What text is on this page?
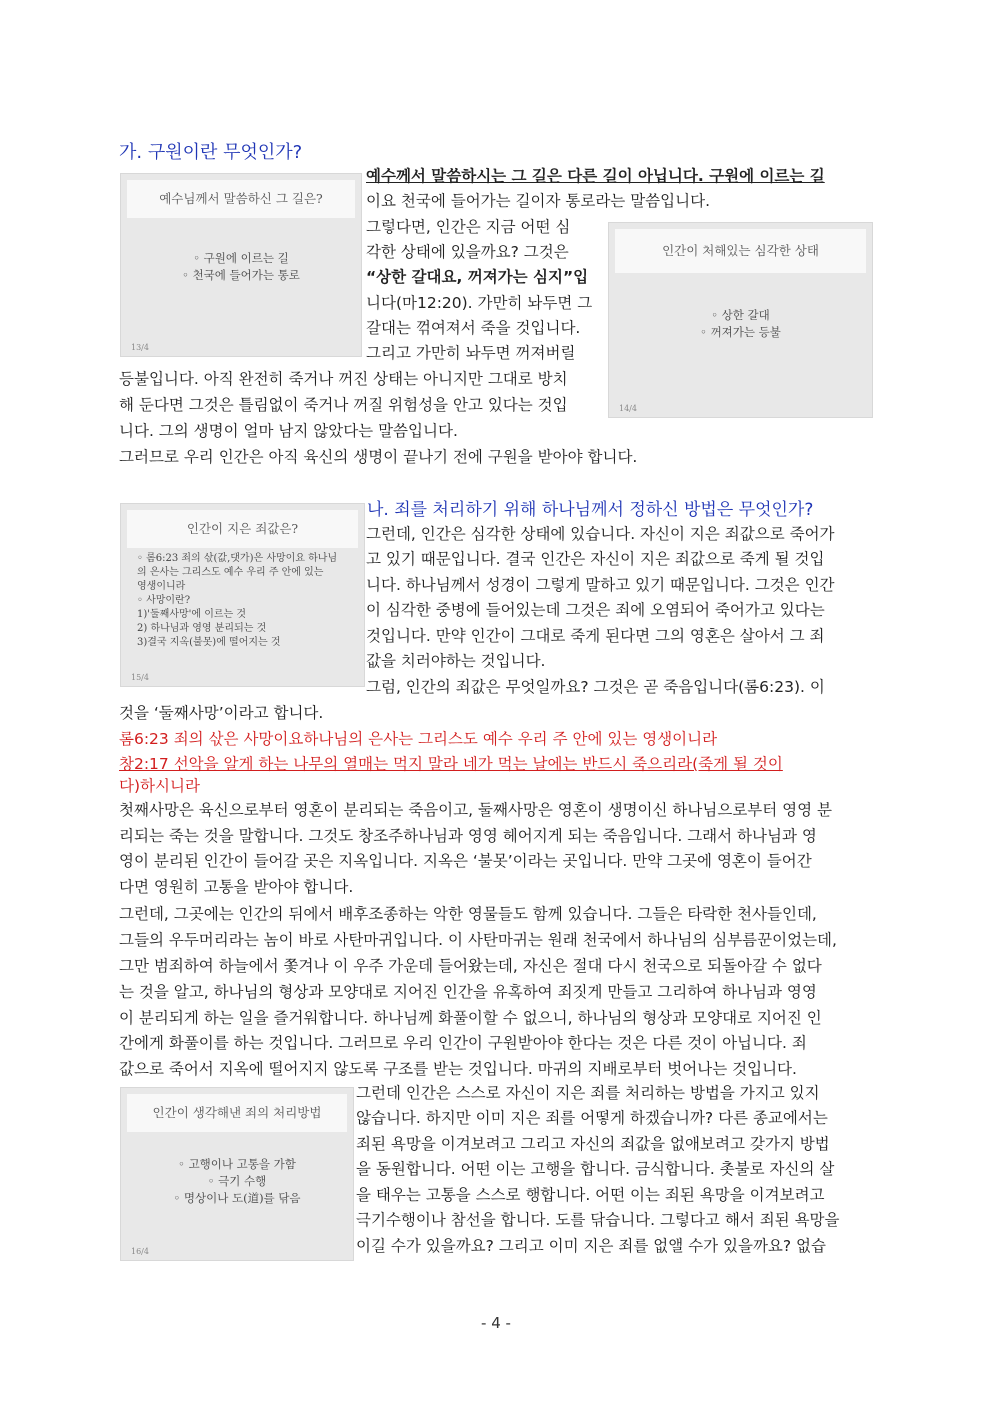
가. 구원이란 무엇인가?
예수님께서 말씀하신 그 길은?
◦ 구원에 이르는 길
◦ 천국에 들어가는 통로
13/4
인간이 처해있는 심각한 상태
◦ 상한 갈대
◦ 꺼져가는 등불
14/4
예수께서 말씀하시는 그 길은 다른 길이 아닙니다. 구원에 이르는 길
이요 천국에 들어가는 길이자 통로라는 말씀입니다.
그렇다면, 인간은 지금 어떤 심
각한 상태에 있을까요? 그것은
“상한 갈대요, 꺼져가는 심지”입
니다(마12:20). 가만히 놔두면 그
갈대는 꺾여져서 죽을 것입니다.
그리고 가만히 놔두면 꺼져버릴
등불입니다. 아직 완전히 죽거나 꺼진 상태는 아니지만 그대로 방치
해 둔다면 그것은 틀림없이 죽거나 꺼질 위험성을 안고 있다는 것입
니다. 그의 생명이 얼마 남지 않았다는 말씀입니다.
그러므로 우리 인간은 아직 육신의 생명이 끝나기 전에 구원을 받아야 합니다.
인간이 지은 죄값은?
◦ 롬6:23 죄의 삯(값,댓가)은 사망이요 하나님
의 은사는 그리스도 예수 우리 주 안에 있는
영생이니라
◦ 사망이란?
1)'둘째사망'에 이르는 것
2) 하나님과 영영 분리되는 것
3)결국 지옥(불못)에 떨어지는 것
15/4
나. 죄를 처리하기 위해 하나님께서 정하신 방법은 무엇인가?
그런데, 인간은 심각한 상태에 있습니다. 자신이 지은 죄값으로 죽어가
고 있기 때문입니다. 결국 인간은 자신이 지은 죄값으로 죽게 될 것입
니다. 하나님께서 성경이 그렇게 말하고 있기 때문입니다. 그것은 인간
이 심각한 중병에 들어있는데 그것은 죄에 오염되어 죽어가고 있다는
것입니다. 만약 인간이 그대로 죽게 된다면 그의 영혼은 살아서 그 죄
값을 치러야하는 것입니다.
그럼, 인간의 죄값은 무엇일까요? 그것은 곧 죽음입니다(롬6:23). 이
것을 ‘둘째사망’이라고 합니다.
롬6:23 죄의 삯은 사망이요하나님의 은사는 그리스도 예수 우리 주 안에 있는 영생이니라
창2:17 선악을 알게 하는 나무의 열매는 먹지 말라 네가 먹는 날에는 반드시 죽으리라(죽게 될 것이
다)하시니라
첫째사망은 육신으로부터 영혼이 분리되는 죽음이고, 둘째사망은 영혼이 생명이신 하나님으로부터 영영 분
리되는 죽는 것을 말합니다. 그것도 창조주하나님과 영영 헤어지게 되는 죽음입니다. 그래서 하나님과 영
영이 분리된 인간이 들어갈 곳은 지옥입니다. 지옥은 ‘불못’이라는 곳입니다. 만약 그곳에 영혼이 들어간
다면 영원히 고통을 받아야 합니다.
그런데, 그곳에는 인간의 뒤에서 배후조종하는 악한 영물들도 함께 있습니다. 그들은 타락한 천사들인데,
그들의 우두머리라는 놈이 바로 사탄마귀입니다. 이 사탄마귀는 원래 천국에서 하나님의 심부름꾼이었는데,
그만 범죄하여 하늘에서 쫓겨나 이 우주 가운데 들어왔는데, 자신은 절대 다시 천국으로 되돌아갈 수 없다
는 것을 알고, 하나님의 형상과 모양대로 지어진 인간을 유혹하여 죄짓게 만들고 그리하여 하나님과 영영
이 분리되게 하는 일을 즐거워합니다. 하나님께 화풀이할 수 없으니, 하나님의 형상과 모양대로 지어진 인
간에게 화풀이를 하는 것입니다. 그러므로 우리 인간이 구원받아야 한다는 것은 다른 것이 아닙니다. 죄
값으로 죽어서 지옥에 떨어지지 않도록 구조를 받는 것입니다. 마귀의 지배로부터 벗어나는 것입니다.
인간이 생각해낸 죄의 처리방법
◦ 고행이나 고통을 가함
◦ 극기 수행
◦ 명상이나 도(道)를 닦음
16/4
그런데 인간은 스스로 자신이 지은 죄를 처리하는 방법을 가지고 있지
않습니다. 하지만 이미 지은 죄를 어떻게 하겠습니까? 다른 종교에서는
죄된 욕망을 이겨보려고 그리고 자신의 죄값을 없애보려고 갖가지 방법
을 동원합니다. 어떤 이는 고행을 합니다. 금식합니다. 촛불로 자신의 살
을 태우는 고통을 스스로 행합니다. 어떤 이는 죄된 욕망을 이겨보려고
극기수행이나 참선을 합니다. 도를 닦습니다. 그렇다고 해서 죄된 욕망을
이길 수가 있을까요? 그리고 이미 지은 죄를 없앨 수가 있을까요? 없습
- 4 -
